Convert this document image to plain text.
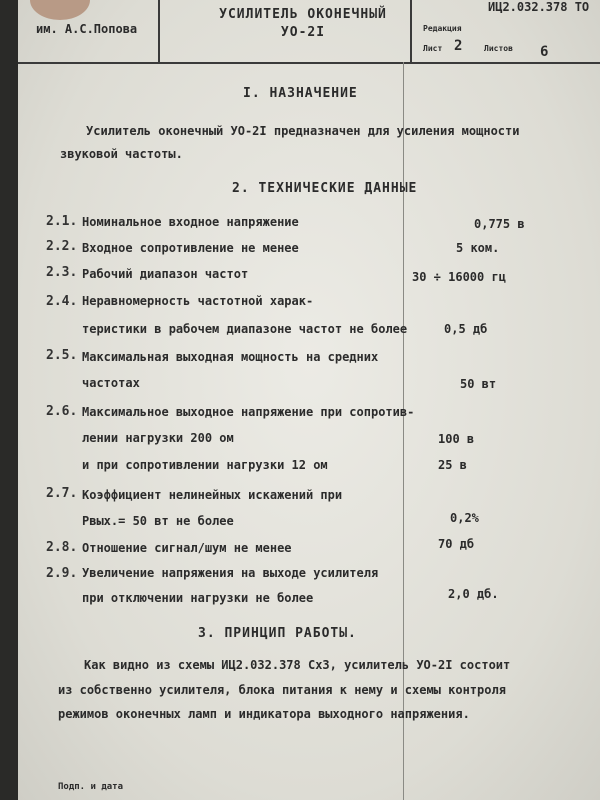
им. А.С.Попова
УСИЛИТЕЛЬ ОКОНЕЧНЫЙ
УО-2I
ИЦ2.032.378 ТО
Редакция
Лист 2	Листов 6
I. НАЗНАЧЕНИЕ
Усилитель оконечный УО-2I предназначен для усиления мощности
звуковой частоты.
2. ТЕХНИЧЕСКИЕ ДАННЫЕ
2.1. Номинальное входное напряжение	0,775 в
2.2. Входное сопротивление не менее	5 ком.
2.3. Рабочий диапазон частот	30 ÷ 16000 гц
2.4. Неравномерность частотной харак-
теристики в рабочем диапазоне частот не более	0,5 дб
2.5. Максимальная выходная мощность на средних
частотах	50 вт
2.6. Максимальное выходное напряжение при сопротив-
лении нагрузки 200 ом	100 в
и при сопротивлении нагрузки 12 ом	25 в
2.7. Коэффициент нелинейных искажений при
Pвых.= 50 вт не более	0,2%
2.8. Отношение сигнал/шум не менее	70 дб
2.9. Увеличение напряжения на выходе усилителя
при отключении нагрузки не более	2,0 дб.
3. ПРИНЦИП РАБОТЫ.
Как видно из схемы ИЦ2.032.378 Сх3, усилитель УО-2I состоит
из собственно усилителя, блока питания к нему и схемы контроля
режимов оконечных ламп и индикатора выходного напряжения.
Подп. и дата
